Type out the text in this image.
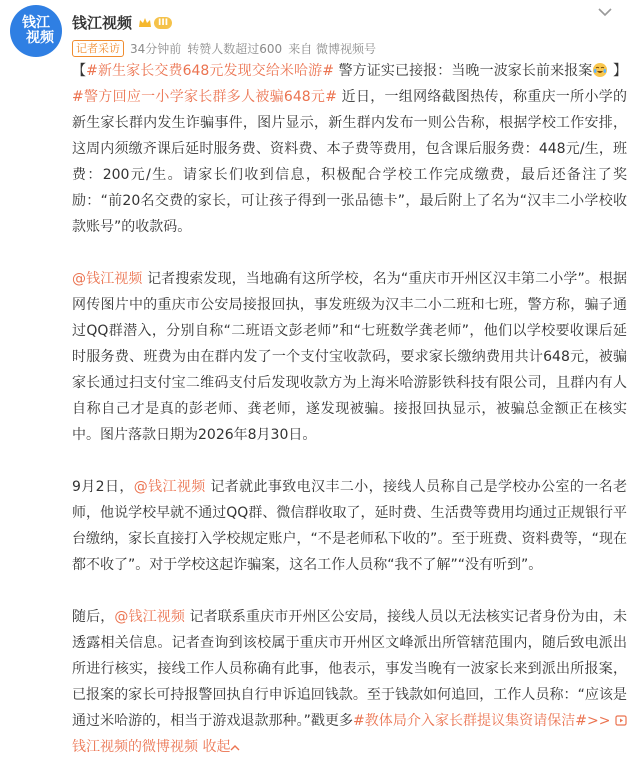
钱江
视频
钱江视频	III
记者采访 34分钟前 转赞人数超过600 来自 微博视频号

【#新生家长交费648元发现交给米哈游# 警方证实已接报：当晚一波家长前来报案 】#警方回应一小学家长群多人被骗648元# 近日，一组网络截图热传，称重庆一所小学的新生家长群内发生诈骗事件，图片显示，新生群内发布一则公告称，根据学校工作安排，这周内须缴齐课后延时服务费、资料费、本子费等费用，包含课后服务费：448元/生，班费：200元/生。请家长们收到信息，积极配合学校工作完成缴费，最后还备注了奖励：“前20名交费的家长，可让孩子得到一张品德卡”，最后附上了名为“汉丰二小学校收款账号”的收款码。

@钱江视频 记者搜索发现，当地确有这所学校，名为“重庆市开州区汉丰第二小学”。根据网传图片中的重庆市公安局接报回执，事发班级为汉丰二小二班和七班，警方称，骗子通过QQ群潜入，分别自称“二班语文彭老师”和“七班数学龚老师”，他们以学校要收课后延时服务费、班费为由在群内发了一个支付宝收款码，要求家长缴纳费用共计648元，被骗家长通过扫支付宝二维码支付后发现收款方为上海米哈游影铁科技有限公司，且群内有人自称自己才是真的彭老师、龚老师，遂发现被骗。接报回执显示，被骗总金额正在核实中。图片落款日期为2026年8月30日。

9月2日，@钱江视频 记者就此事致电汉丰二小，接线人员称自己是学校办公室的一名老师，他说学校早就不通过QQ群、微信群收取了，延时费、生活费等费用均通过正规银行平台缴纳，家长直接打入学校规定账户，“不是老师私下收的”。至于班费、资料费等，“现在都不收了”。对于学校这起诈骗案，这名工作人员称“我不了解”“没有听到”。

随后，@钱江视频 记者联系重庆市开州区公安局，接线人员以无法核实记者身份为由，未透露相关信息。记者查询到该校属于重庆市开州区文峰派出所管辖范围内，随后致电派出所进行核实，接线工作人员称确有此事，他表示，事发当晚有一波家长来到派出所报案，已报案的家长可持报警回执自行申诉追回钱款。至于钱款如何追回，工作人员称：“应该是通过米哈游的，相当于游戏退款那种。”戳更多#教体局介入家长群提议集资请保洁#>> 钱江视频的微博视频 收起
